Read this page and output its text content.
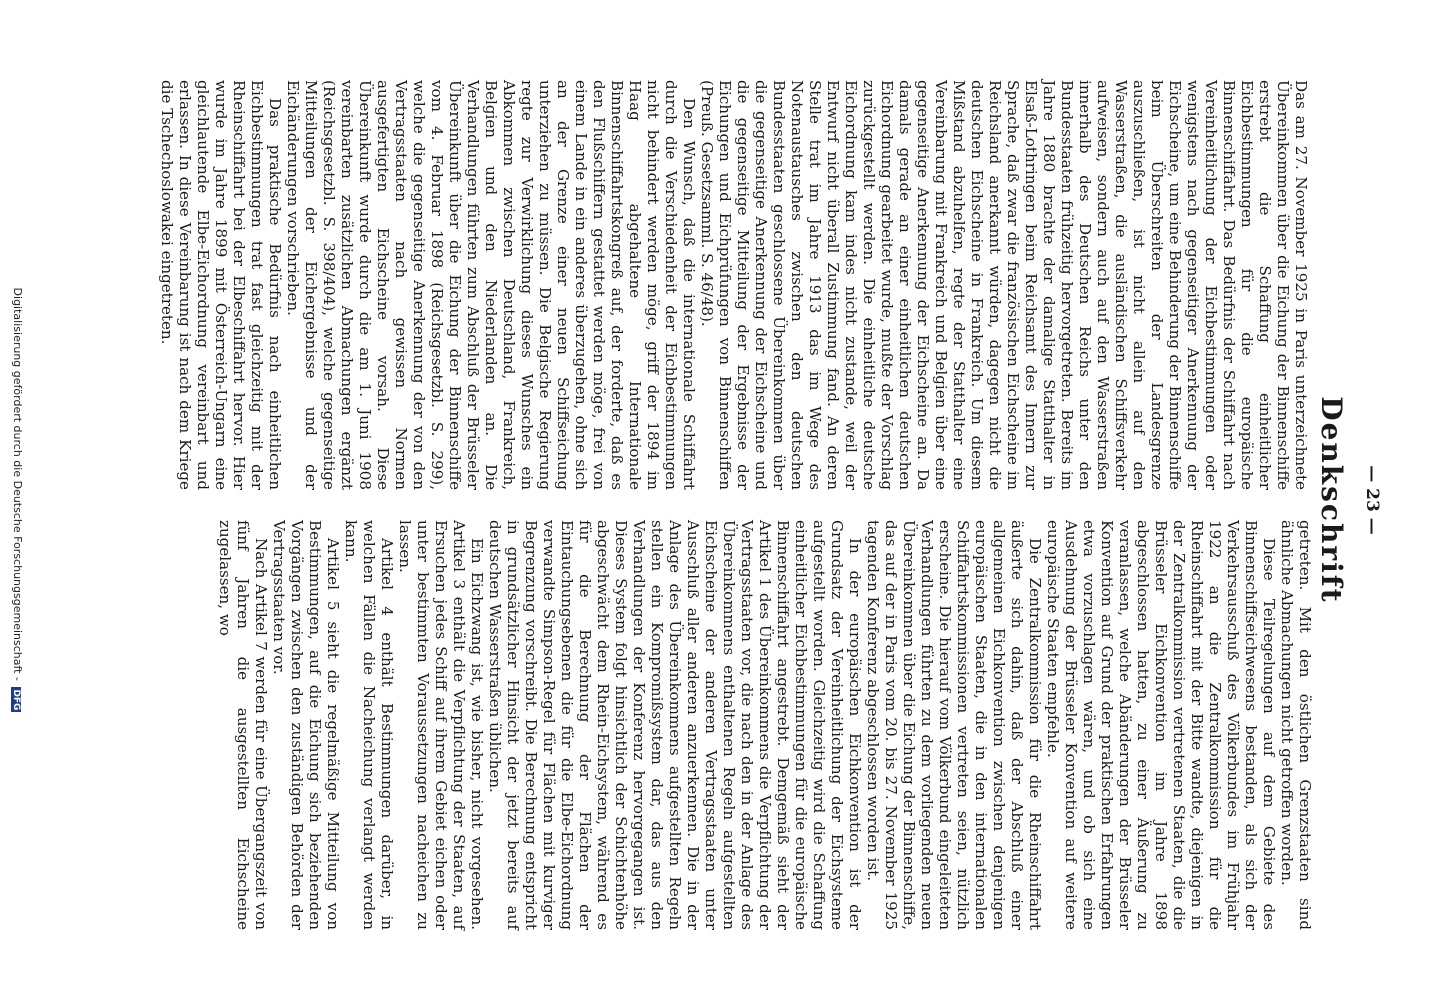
— 23 —
Denkschrift

Das am 27. November 1925 in Paris unterzeichnete Übereinkommen über die Eichung der Binnenschiffe erstrebt die Schaffung einheitlicher Eichbestimmungen für die europäische Binnenschiffahrt. Das Bedürfnis der Schiffahrt nach Vereinheitlichung der Eichbestimmungen oder wenigstens nach gegenseitiger Anerkennung der Eichscheine, um eine Behinderung der Binnenschiffe beim Überschreiten der Landesgrenze auszuschließen, ist nicht allein auf den Wasserstraßen, die ausländischen Schiffsverkehr aufweisen, sondern auch auf den Wasserstraßen innerhalb des Deutschen Reichs unter den Bundesstaaten frühzeitig hervorgetreten. Bereits im Jahre 1880 brachte der damalige Statthalter in Elsaß-Lothringen beim Reichsamt des Innern zur Sprache, daß zwar die französischen Eichscheine im Reichsland anerkannt würden, dagegen nicht die deutschen Eichscheine in Frankreich. Um diesem Mißstand abzuhelfen, regte der Statthalter eine Vereinbarung mit Frankreich und Belgien über eine gegenseitige Anerkennung der Eichscheine an. Da damals gerade an einer einheitlichen deutschen Eichordnung gearbeitet wurde, mußte der Vorschlag zurückgestellt werden. Die einheitliche deutsche Eichordnung kam indes nicht zustande, weil der Entwurf nicht überall Zustimmung fand. An deren Stelle trat im Jahre 1913 das im Wege des Notenaustausches zwischen den deutschen Bundesstaaten geschlossene Übereinkommen über die gegenseitige Anerkennung der Eichscheine und die gegenseitige Mitteilung der Ergebnisse der Eichungen und Eichprüfungen von Binnenschiffen (Preuß. Gesetzsamml. S. 46/48).

Den Wunsch, daß die internationale Schiffahrt durch die Verschiedenheit der Eichbestimmungen nicht behindert werden möge, griff der 1894 im Haag abgehaltene Internationale Binnenschiffahrtskongreß auf, der forderte, daß es den Flußschiffern gestattet werden möge, frei von einem Lande in ein anderes überzugehen, ohne sich an der Grenze einer neuen Schiffseichung unterziehen zu müssen. Die Belgische Regierung regte zur Verwirklichung dieses Wunsches ein Abkommen zwischen Deutschland, Frankreich, Belgien und den Niederlanden an. Die Verhandlungen führten zum Abschluß der Brüsseler Übereinkunft über die Eichung der Binnenschiffe vom 4. Februar 1898 (Reichsgesetzbl. S. 299), welche die gegenseitige Anerkennung der von den Vertragsstaaten nach gewissen Normen ausgefertigten Eichscheine vorsah. Diese Übereinkunft wurde durch die am 1. Juni 1908 vereinbarten zusätzlichen Abmachungen ergänzt (Reichsgesetzbl. S. 398/404), welche gegenseitige Mitteilungen der Eichergebnisse und der Eichänderungen vorschrieben.

Das praktische Bedürfnis nach einheitlichen Eichbestimmungen trat fast gleichzeitig mit der Rheinschiffahrt bei der Elbeschiffahrt hervor. Hier wurde im Jahre 1899 mit Österreich-Ungarn eine gleichlautende Elbe-Eichordnung vereinbart und erlassen. In diese Vereinbarung ist nach dem Kriege die Tschechoslowakei eingetreten.

getreten. Mit den östlichen Grenzstaaten sind ähnliche Abmachungen nicht getroffen worden.

Diese Teilregelungen auf dem Gebiete des Binnenschiffseichwesens bestanden, als sich der Verkehrsausschuß des Völkerbundes im Frühjahr 1922 an die Zentralkommission für die Rheinschiffahrt mit der Bitte wandte, diejenigen in der Zentralkommission vertretenen Staaten, die die Brüsseler Eichkonvention im Jahre 1898 abgeschlossen hatten, zu einer Äußerung zu veranlassen, welche Abänderungen der Brüsseler Konvention auf Grund der praktischen Erfahrungen etwa vorzuschlagen wären, und ob sich eine Ausdehnung der Brüsseler Konvention auf weitere europäische Staaten empfehle.

Die Zentralkommission für die Rheinschiffahrt äußerte sich dahin, daß der Abschluß einer allgemeinen Eichkonvention zwischen denjenigen europäischen Staaten, die in den internationalen Schiffahrtskommissionen vertreten seien, nützlich erscheine. Die hierauf vom Völkerbund eingeleiteten Verhandlungen führten zu dem vorliegenden neuen Übereinkommen über die Eichung der Binnenschiffe, das auf der in Paris vom 20. bis 27. November 1925 tagenden Konferenz abgeschlossen worden ist.

In der europäischen Eichkonvention ist der Grundsatz der Vereinheitlichung der Eichsysteme aufgestellt worden. Gleichzeitig wird die Schaffung einheitlicher Eichbestimmungen für die europäische Binnenschiffahrt angestrebt. Demgemäß sieht der Artikel 1 des Übereinkommens die Verpflichtung der Vertragsstaaten vor, die nach den in der Anlage des Übereinkommens enthaltenen Regeln aufgestellten Eichscheine der anderen Vertragsstaaten unter Ausschluß aller anderen anzuerkennen. Die in der Anlage des Übereinkommens aufgestellten Regeln stellen ein Kompromißsystem dar, das aus den Verhandlungen der Konferenz hervorgegangen ist. Dieses System folgt hinsichtlich der Schichtenhöhe abgeschwächt dem Rhein-Eichsystem, während es für die Berechnung der Flächen der Eintauchungsebenen die für die Elbe-Eichordnung verwandte Simpson-Regel für Flächen mit kurviger Begrenzung vorschreibt. Die Berechnung entspricht in grundsätzlicher Hinsicht der jetzt bereits auf deutschen Wasserstraßen üblichen.

Ein Eichzwang ist, wie bisher, nicht vorgesehen. Artikel 3 enthält die Verpflichtung der Staaten, auf Ersuchen jedes Schiff auf ihrem Gebiet eichen oder unter bestimmten Voraussetzungen nacheichen zu lassen.

Artikel 4 enthält Bestimmungen darüber, in welchen Fällen die Nacheichung verlangt werden kann.

Artikel 5 sieht die regelmäßige Mitteilung von Bestimmungen, auf die Eichung sich beziehenden Vorgängen zwischen den zuständigen Behörden der Vertragsstaaten vor.

Nach Artikel 7 werden für eine Übergangszeit von fünf Jahren die ausgestellten Eichscheine zugelassen, wo

Digitalisierung gefördert durch die Deutsche Forschungsgemeinschaft - DFG
